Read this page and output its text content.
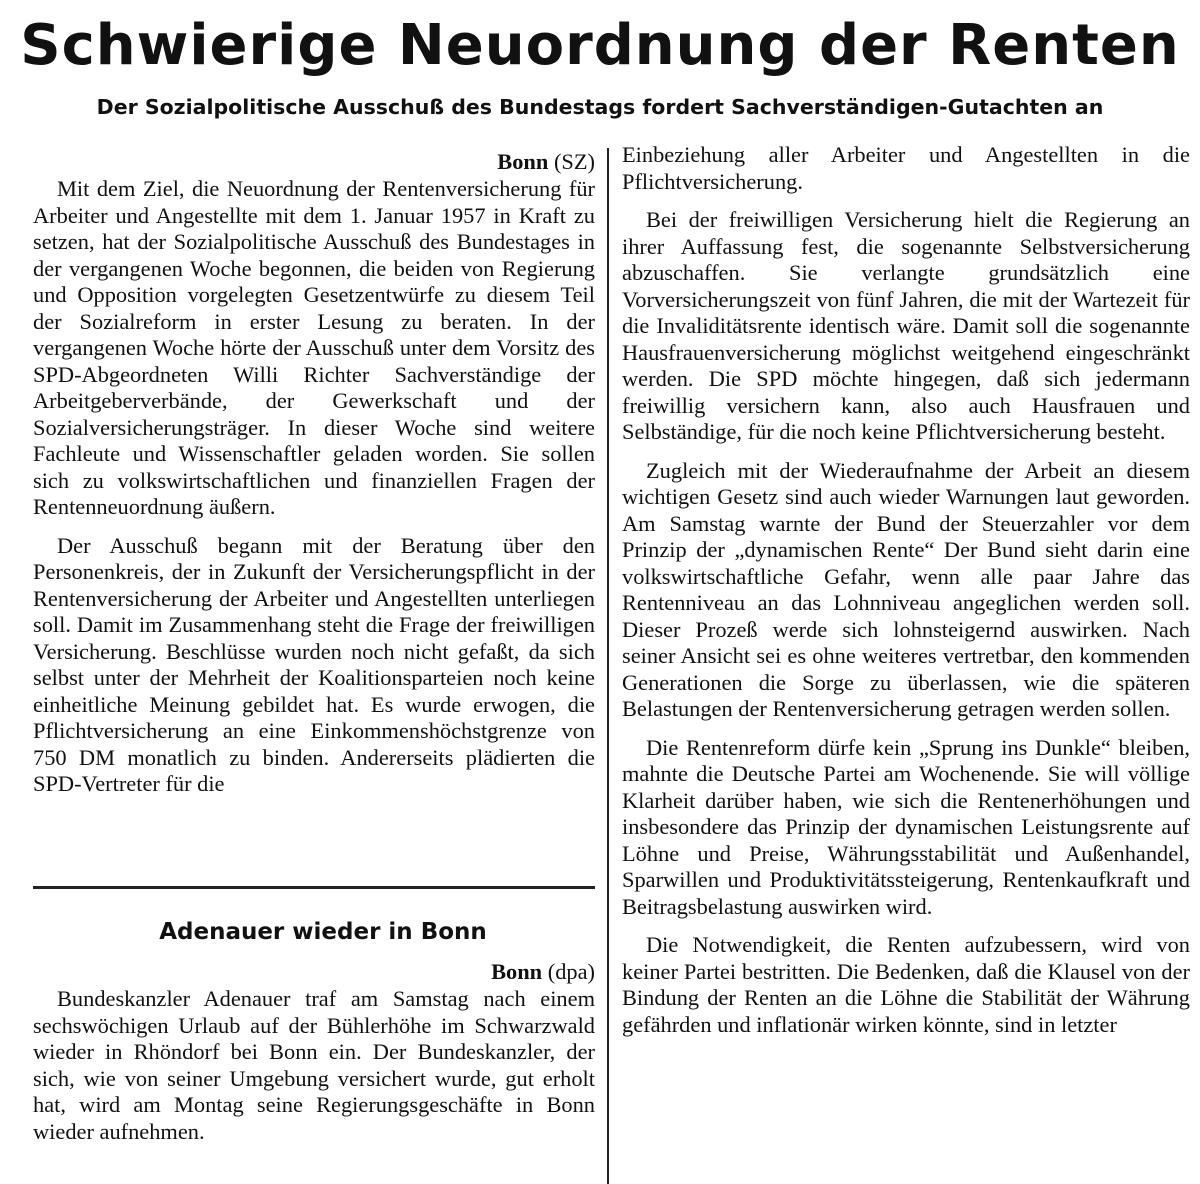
Schwierige Neuordnung der Renten
Der Sozialpolitische Ausschuß des Bundestags fordert Sachverständigen-Gutachten an
Bonn (SZ)

Mit dem Ziel, die Neuordnung der Rentenversicherung für Arbeiter und Angestellte mit dem 1. Januar 1957 in Kraft zu setzen, hat der Sozialpolitische Ausschuß des Bundestages in der vergangenen Woche begonnen, die beiden von Regierung und Opposition vorgelegten Gesetzentwürfe zu diesem Teil der Sozialreform in erster Lesung zu beraten. In der vergangenen Woche hörte der Ausschuß unter dem Vorsitz des SPD-Abgeordneten Willi Richter Sachverständige der Arbeitgeberverbände, der Gewerkschaft und der Sozialversicherungsträger. In dieser Woche sind weitere Fachleute und Wissenschaftler geladen worden. Sie sollen sich zu volkswirtschaftlichen und finanziellen Fragen der Rentenneuordnung äußern.

Der Ausschuß begann mit der Beratung über den Personenkreis, der in Zukunft der Versicherungspflicht in der Rentenversicherung der Arbeiter und Angestellten unterliegen soll. Damit im Zusammenhang steht die Frage der freiwilligen Versicherung. Beschlüsse wurden noch nicht gefaßt, da sich selbst unter der Mehrheit der Koalitionsparteien noch keine einheitliche Meinung gebildet hat. Es wurde erwogen, die Pflichtversicherung an eine Einkommenshöchstgrenze von 750 DM monatlich zu binden. Andererseits plädierten die SPD-Vertreter für die

Einbeziehung aller Arbeiter und Angestellten in die Pflichtversicherung.

Bei der freiwilligen Versicherung hielt die Regierung an ihrer Auffassung fest, die sogenannte Selbstversicherung abzuschaffen. Sie verlangte grundsätzlich eine Vorversicherungszeit von fünf Jahren, die mit der Wartezeit für die Invaliditätsrente identisch wäre. Damit soll die sogenannte Hausfrauenversicherung möglichst weitgehend eingeschränkt werden. Die SPD möchte hingegen, daß sich jedermann freiwillig versichern kann, also auch Hausfrauen und Selbständige, für die noch keine Pflichtversicherung besteht.

Zugleich mit der Wiederaufnahme der Arbeit an diesem wichtigen Gesetz sind auch wieder Warnungen laut geworden. Am Samstag warnte der Bund der Steuerzahler vor dem Prinzip der „dynamischen Rente“ Der Bund sieht darin eine volkswirtschaftliche Gefahr, wenn alle paar Jahre das Rentenniveau an das Lohnniveau angeglichen werden soll. Dieser Prozeß werde sich lohnsteigernd auswirken. Nach seiner Ansicht sei es ohne weiteres vertretbar, den kommenden Generationen die Sorge zu überlassen, wie die späteren Belastungen der Rentenversicherung getragen werden sollen.

Die Rentenreform dürfe kein „Sprung ins Dunkle“ bleiben, mahnte die Deutsche Partei am Wochenende. Sie will völlige Klarheit darüber haben, wie sich die Rentenerhöhungen und insbesondere das Prinzip der dynamischen Leistungsrente auf Löhne und Preise, Währungsstabilität und Außenhandel, Sparwillen und Produktivitätssteigerung, Rentenkaufkraft und Beitragsbelastung auswirken wird.

Die Notwendigkeit, die Renten aufzubessern, wird von keiner Partei bestritten. Die Bedenken, daß die Klausel von der Bindung der Renten an die Löhne die Stabilität der Währung gefährden und inflationär wirken könnte, sind in letzter

Adenauer wieder in Bonn
Bonn (dpa)

Bundeskanzler Adenauer traf am Samstag nach einem sechswöchigen Urlaub auf der Bühlerhöhe im Schwarzwald wieder in Rhöndorf bei Bonn ein. Der Bundeskanzler, der sich, wie von seiner Umgebung versichert wurde, gut erholt hat, wird am Montag seine Regierungsgeschäfte in Bonn wieder aufnehmen.
